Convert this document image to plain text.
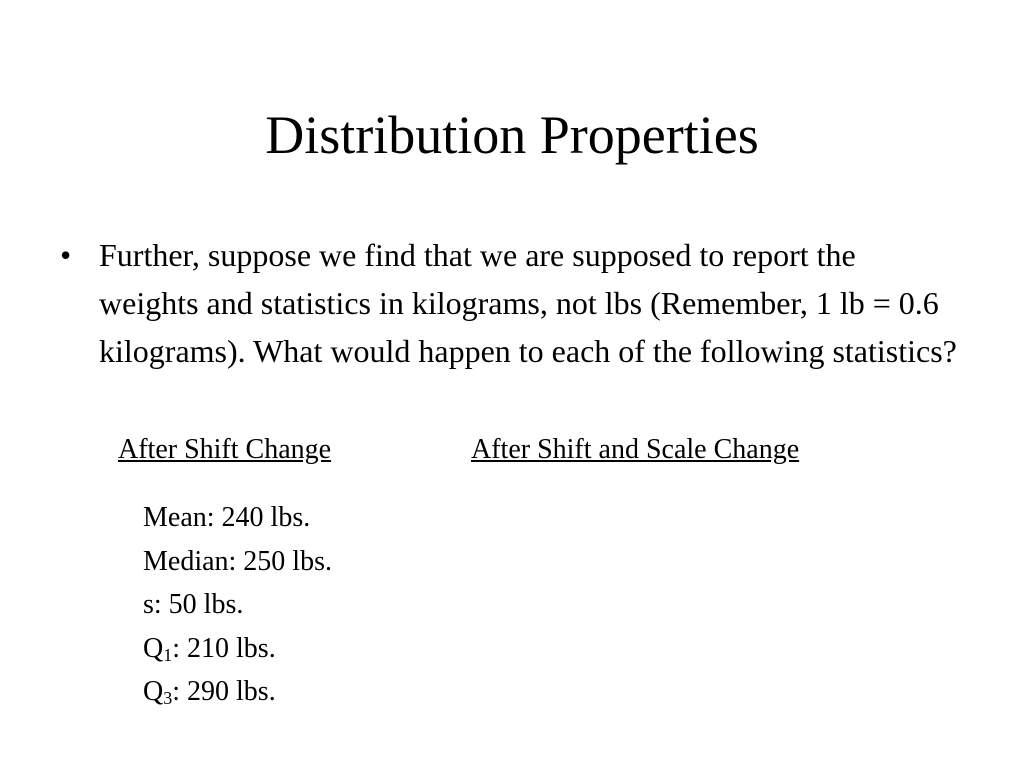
Distribution Properties
• Further, suppose we find that we are supposed to report the weights and statistics in kilograms, not lbs (Remember, 1 lb = 0.6 kilograms). What would happen to each of the following statistics?

After Shift Change	After Shift and Scale Change
Mean: 240 lbs.
Median: 250 lbs.
s: 50 lbs.
$Q_1$: 210 lbs.
$Q_3$: 290 lbs.
